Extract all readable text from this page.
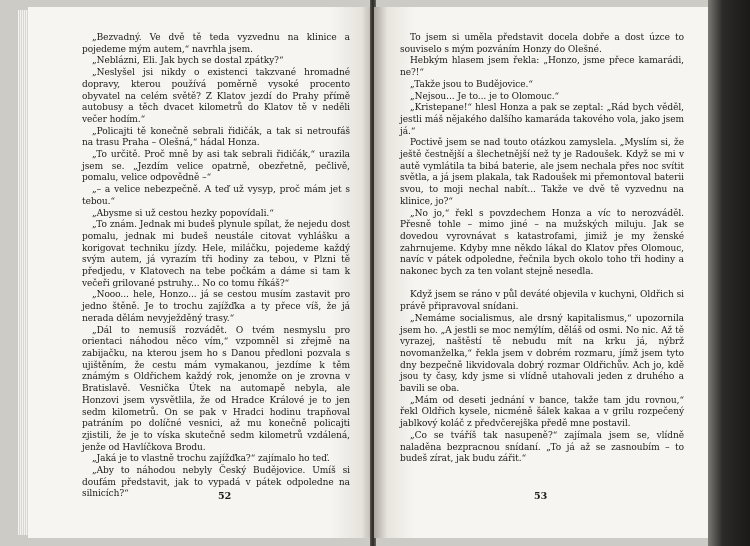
„Bezvadný. Ve dvě tě teda vyzvednu na klinice a pojedeme mým autem,“ navrhla jsem.

„Neblázni, Eli. Jak bych se dostal zpátky?“

„Neslyšel jsi nikdy o existenci takzvané hromadné dopravy, kterou používá poměrně vysoké procento obyvatel na celém světě? Z Klatov jezdí do Prahy přímě autobusy a těch dvacet kilometrů do Klatov tě v neděli večer hodím.“

„Policajti tě konečně sebrali řidičák, a tak si netroufáš na trasu Praha – Olešná,“ hádal Honza.

„To určitě. Proč mně by asi tak sebrali řidičák,“ urazila jsem se. „Jezdím velice opatrně, obezřetně, pečlivě, pomalu, velice odpovědně –“

„– a velice nebezpečně. A teď už vysyp, proč mám jet s tebou.“

„Abysme si už cestou hezky popovídali.“

„To znám. Jednak mi budeš plynule spílat, že nejedu dost pomalu, jednak mi budeš neustále citovat vyhlášku a korigovat techniku jízdy. Hele, miláčku, pojedeme každý svým autem, já vyrazím tři hodiny za tebou, v Plzni tě předjedu, v Klatovech na tebe počkám a dáme si tam k večeři grilované pstruhy... No co tomu říkáš?“

„Nooo... hele, Honzo... já se cestou musím zastavit pro jedno štěně. Je to trochu zajížďka a ty přece víš, že já nerada dělám nevyježděný trasy.“

„Dál to nemusíš rozvádět. O tvém nesmyslu pro orientaci náhodou něco vím,“ vzpomněl si zřejmě na zabijačku, na kterou jsem ho s Danou předloni pozvala s ujištěním, že cestu mám vymakanou, jezdíme k těm známým s Oldřichem každý rok, jenomže on je zrovna v Bratislavě. Vesnička Útek na automapě nebyla, ale Honzovi jsem vysvětlila, že od Hradce Králové je to jen sedm kilometrů. On se pak v Hradci hodinu trapňoval patráním po dolíčné vesnici, až mu konečně policajti zjistili, že je to víska skutečně sedm kilometrů vzdálená, jenže od Havlíčkova Brodu.

„Jaká je to vlastně trochu zajížďka?“ zajímalo ho teď.

„Aby to náhodou nebyly Český Budějovice. Umíš si doufám představit, jak to vypadá v pátek odpoledne na silnicích?“	52

To jsem si uměla představit docela dobře a dost úzce to souviselo s mým pozváním Honzy do Olešné.

Hebkým hlasem jsem řekla: „Honzo, jsme přece kamarádi, ne?!“

„Takže jsou to Budějovice.“

„Nejsou... Je to... je to Olomouc.“

„Kristepane!“ hlesl Honza a pak se zeptal: „Rád bych věděl, jestli máš nějakého dalšího kamaráda takového vola, jako jsem já.“

Poctivě jsem se nad touto otázkou zamyslela. „Myslím si, že ještě čestnější a šlechetnější než ty je Radoušek. Když se mi v autě vymlátila ta bibá baterie, ale jsem nechala přes noc svítit světla, a já jsem plakala, tak Radoušek mi přemontoval baterii svou, to moji nechal nabít... Takže ve dvě tě vyzvednu na klinice, jo?“

„No jo,“ řekl s povzdechem Honza a víc to nerozváděl. Přesně tohle – mimo jiné – na mužských miluju. Jak se dovedou vyrovnávat s katastrofami, jimiž je my ženské zahrnujeme. Kdyby mne někdo lákal do Klatov přes Olomouc, navíc v pátek odpoledne, řečnila bych okolo toho tři hodiny a nakonec bych za ten volant stejně nesedla.

Když jsem se ráno v půl deváté objevila v kuchyni, Oldřich si právě připravoval snídani.

„Nemáme socialismus, ale drsný kapitalismus,“ upozornila jsem ho. „A jestli se moc nemýlím, děláš od osmi. No nic. Až tě vyrazej, naštěstí tě nebudu mít na krku já, nýbrž novomanželka,“ řekla jsem v dobrém rozmaru, jímž jsem tyto dny bezpečně likvidovala dobrý rozmar Oldřichův. Ach jo, kdě jsou ty časy, kdy jsme si vlídně utahovali jeden z druhého a bavili se oba.

„Mám od deseti jednání v bance, takže tam jdu rovnou,“ řekl Oldřich kysele, nicméně šálek kakaa a v grilu rozpečený jablkový koláč z předvčerejška předě mne postavil.

„Co se tváříš tak nasupeně?“ zajímala jsem se, vlídně naladěna bezpracnou snídaní. „To já až se zasnoubím – to budeš zírat, jak budu zářit.“

53
